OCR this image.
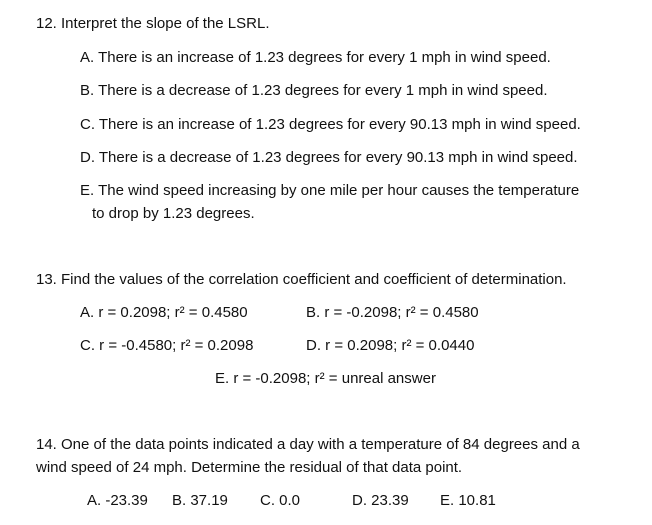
12. Interpret the slope of the LSRL.
A. There is an increase of 1.23 degrees for every 1 mph in wind speed.
B. There is a decrease of 1.23 degrees for every 1 mph in wind speed.
C. There is an increase of 1.23 degrees for every 90.13 mph in wind speed.
D. There is a decrease of 1.23 degrees for every 90.13 mph in wind speed.
E. The wind speed increasing by one mile per hour causes the temperature
to drop by 1.23 degrees.
13. Find the values of the correlation coefficient and coefficient of determination.
A. r = 0.2098; r² = 0.4580	B. r = -0.2098; r² = 0.4580
C. r = -0.4580; r² = 0.2098	D. r = 0.2098; r² = 0.0440
E. r = -0.2098; r² = unreal answer
14. One of the data points indicated a day with a temperature of 84 degrees and a
wind speed of 24 mph. Determine the residual of that data point.
A. -23.39 B. 37.19 C. 0.0	D. 23.39 E. 10.81
